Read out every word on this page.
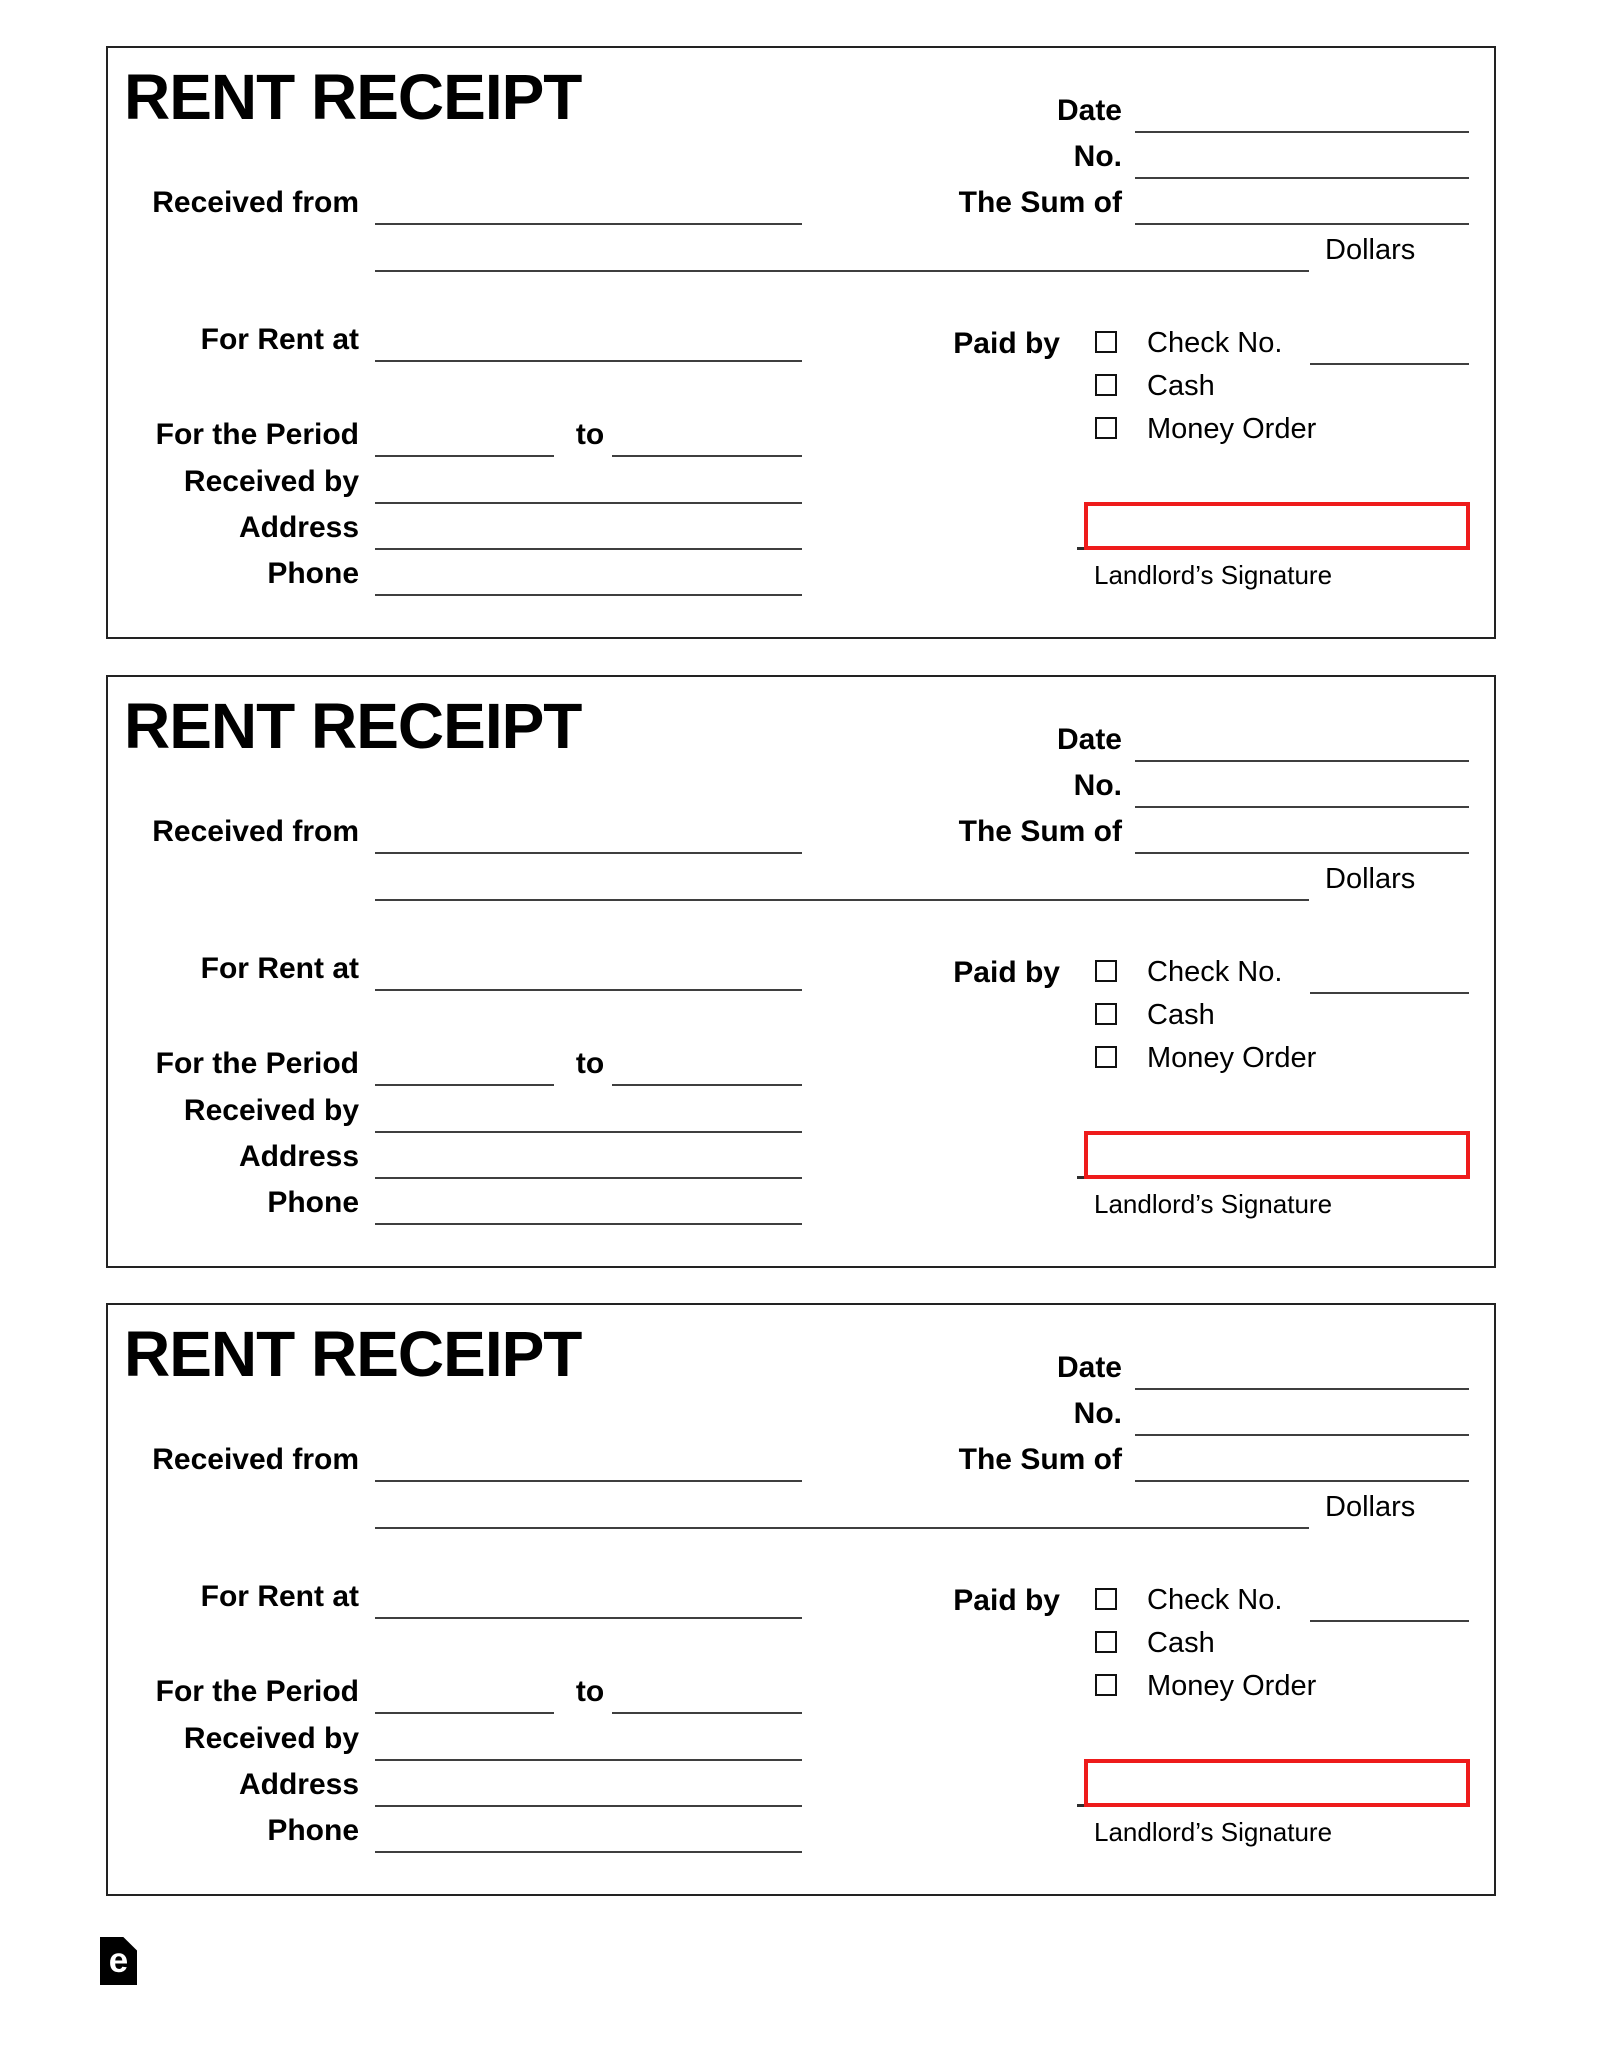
RENT RECEIPT	Date
No.
Received from	The Sum of
Dollars
For Rent at	Paid by	Check No.
Cash
Money Order
For the Period	to
Received by
Address
Phone	Landlord’s Signature
RENT RECEIPT	Date
No.
Received from	The Sum of
Dollars
For Rent at	Paid by	Check No.
Cash
Money Order
For the Period	to
Received by
Address
Phone	Landlord’s Signature
RENT RECEIPT	Date
No.
Received from	The Sum of
Dollars
For Rent at	Paid by	Check No.
Cash
Money Order
For the Period	to
Received by
Address
Phone	Landlord’s Signature
e
